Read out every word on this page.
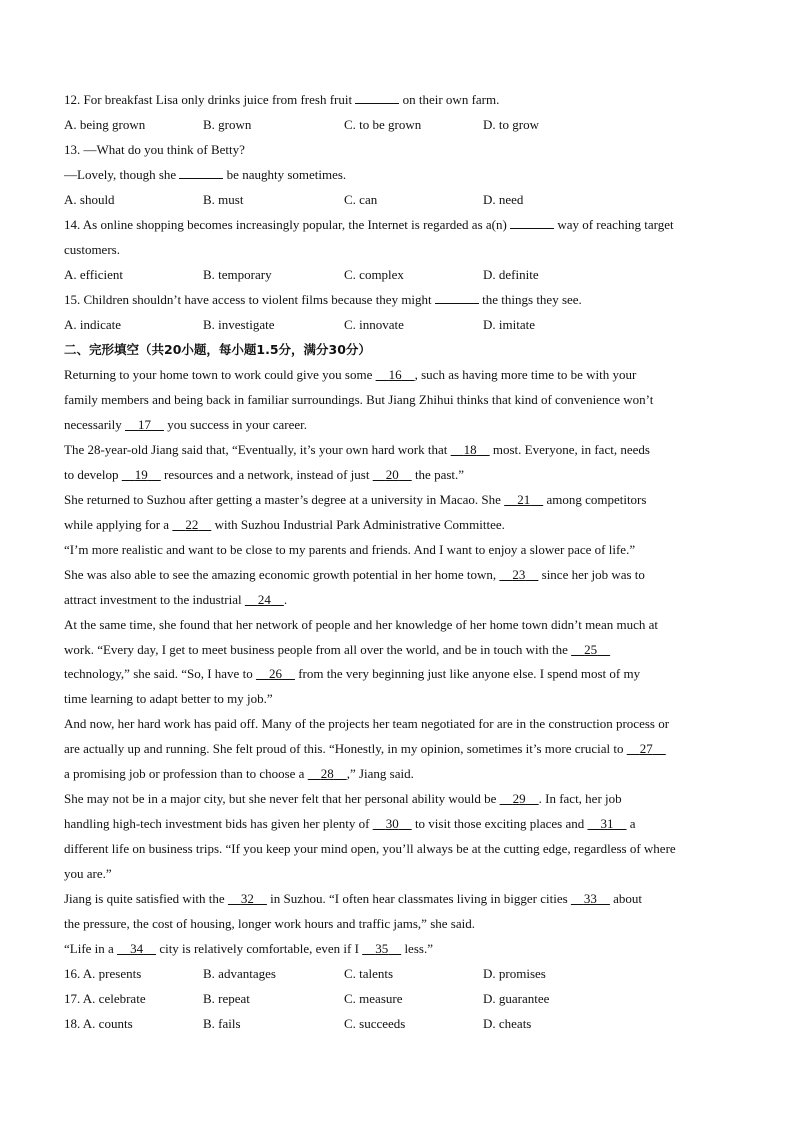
12. For breakfast Lisa only drinks juice from fresh fruit	on their own farm.
A. being grown	B. grown	C. to be grown	D. to grow
13. —What do you think of Betty?
—Lovely, though she	be naughty sometimes.
A. should	B. must	C. can	D. need
14. As online shopping becomes increasingly popular, the Internet is regarded as a(n)	way of reaching target
customers.
A. efficient	B. temporary	C. complex	D. definite
15. Children shouldn’t have access to violent films because they might	the things they see.
A. indicate	B. investigate	C. innovate	D. imitate
二、完形填空（共20小题，每小题1.5分，满分30分）
Returning to your home town to work could give you some 16 , such as having more time to be with your
family members and being back in familiar surroundings. But Jiang Zhihui thinks that kind of convenience won’t
necessarily 17 you success in your career.
The 28-year-old Jiang said that, “Eventually, it’s your own hard work that 18 most. Everyone, in fact, needs
to develop 19 resources and a network, instead of just 20 the past.”
She returned to Suzhou after getting a master’s degree at a university in Macao. She 21 among competitors
while applying for a 22 with Suzhou Industrial Park Administrative Committee.
“I’m more realistic and want to be close to my parents and friends. And I want to enjoy a slower pace of life.”
She was also able to see the amazing economic growth potential in her home town, 23 since her job was to
attract investment to the industrial 24 .
At the same time, she found that her network of people and her knowledge of her home town didn’t mean much at
work. “Every day, I get to meet business people from all over the world, and be in touch with the 25
technology,” she said. “So, I have to 26 from the very beginning just like anyone else. I spend most of my
time learning to adapt better to my job.”
And now, her hard work has paid off. Many of the projects her team negotiated for are in the construction process or
are actually up and running. She felt proud of this. “Honestly, in my opinion, sometimes it’s more crucial to 27
a promising job or profession than to choose a 28 ,” Jiang said.
She may not be in a major city, but she never felt that her personal ability would be 29 . In fact, her job
handling high-tech investment bids has given her plenty of 30 to visit those exciting places and 31 a
different life on business trips. “If you keep your mind open, you’ll always be at the cutting edge, regardless of where
you are.”
Jiang is quite satisfied with the 32 in Suzhou. “I often hear classmates living in bigger cities 33 about
the pressure, the cost of housing, longer work hours and traffic jams,” she said.
“Life in a 34 city is relatively comfortable, even if I 35 less.”
16. A. presents	B. advantages	C. talents	D. promises
17. A. celebrate	B. repeat	C. measure	D. guarantee
18. A. counts	B. fails	C. succeeds	D. cheats
